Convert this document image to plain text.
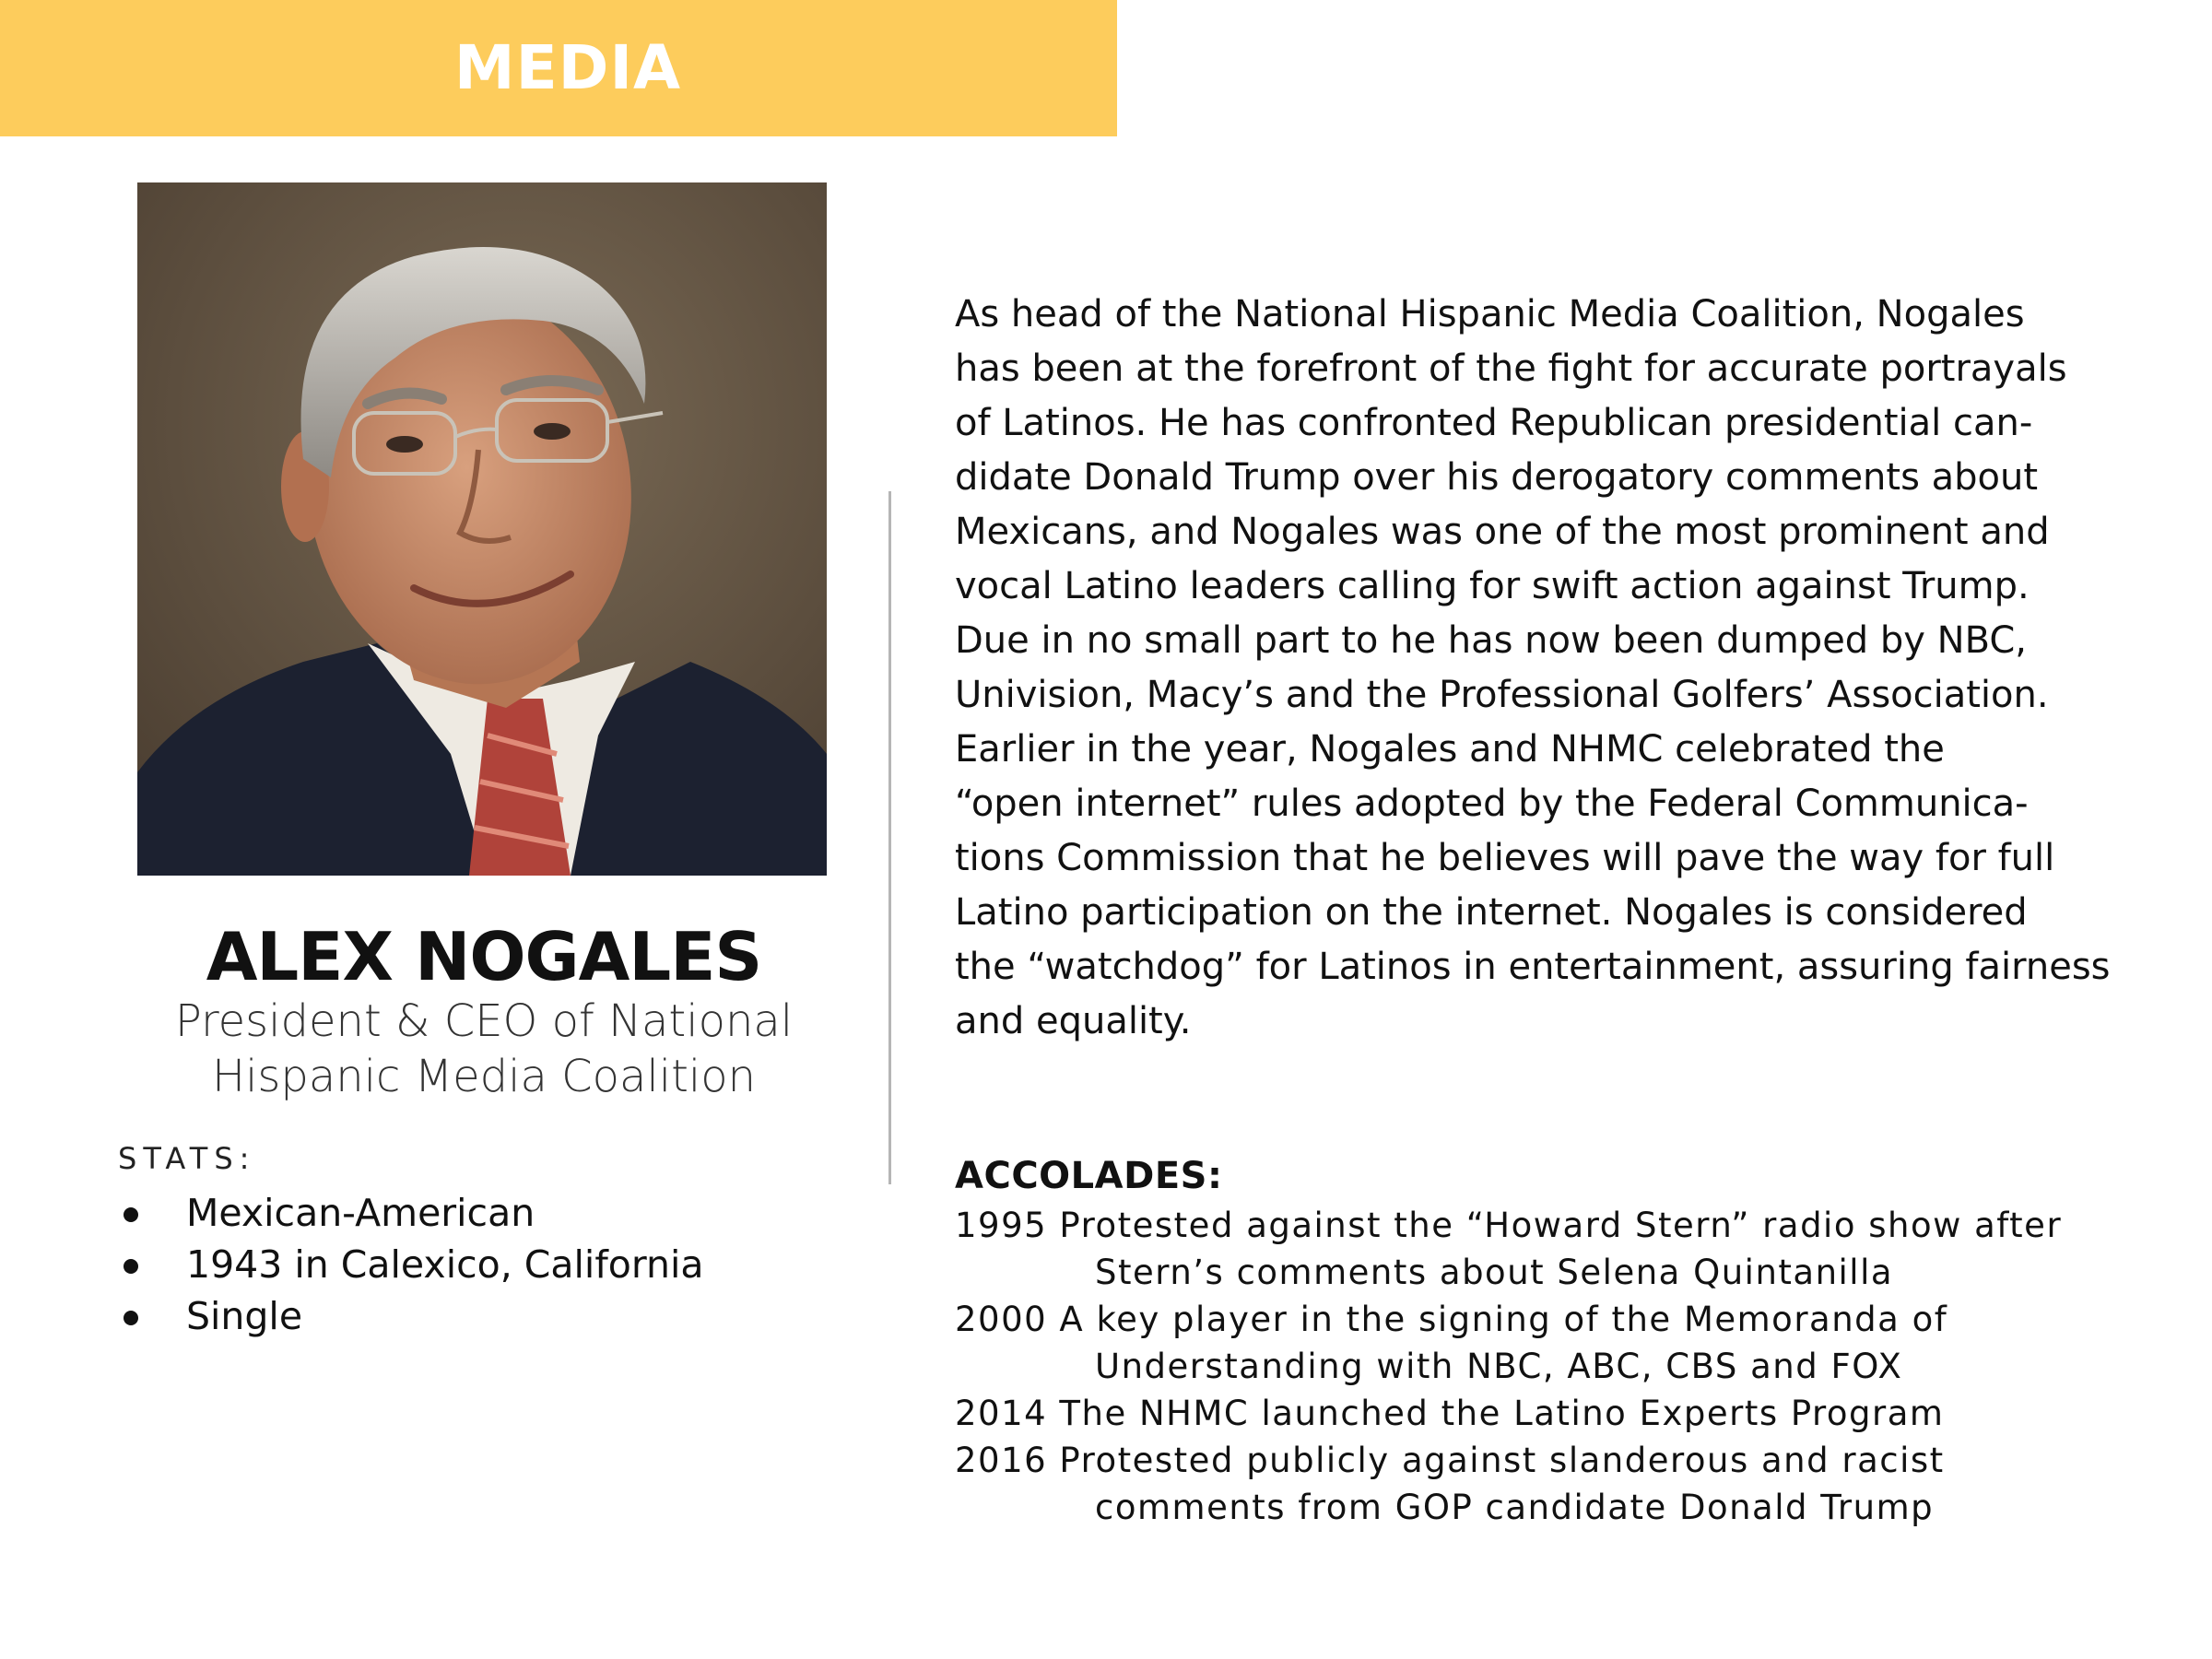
MEDIA
ALEX NOGALES
President & CEO of National
Hispanic Media Coalition
STATS:
Mexican-American
1943 in Calexico, California
Single
As head of the National Hispanic Media Coalition, Nogales
has been at the forefront of the fight for accurate portrayals
of Latinos. He has confronted Republican presidential can-
didate Donald Trump over his derogatory comments about
Mexicans, and Nogales was one of the most prominent and
vocal Latino leaders calling for swift action against Trump.
Due in no small part to he has now been dumped by NBC,
Univision, Macy’s and the Professional Golfers’ Association.
Earlier in the year, Nogales and NHMC celebrated the
“open internet” rules adopted by the Federal Communica-
tions Commission that he believes will pave the way for full
Latino participation on the internet. Nogales is considered
the “watchdog” for Latinos in entertainment, assuring fairness
and equality.
ACCOLADES:
1995 Protested against the “Howard Stern” radio show after
Stern’s comments about Selena Quintanilla
2000 A key player in the signing of the Memoranda of
Understanding with NBC, ABC, CBS and FOX
2014 The NHMC launched the Latino Experts Program
2016 Protested publicly against slanderous and racist
comments from GOP candidate Donald Trump
